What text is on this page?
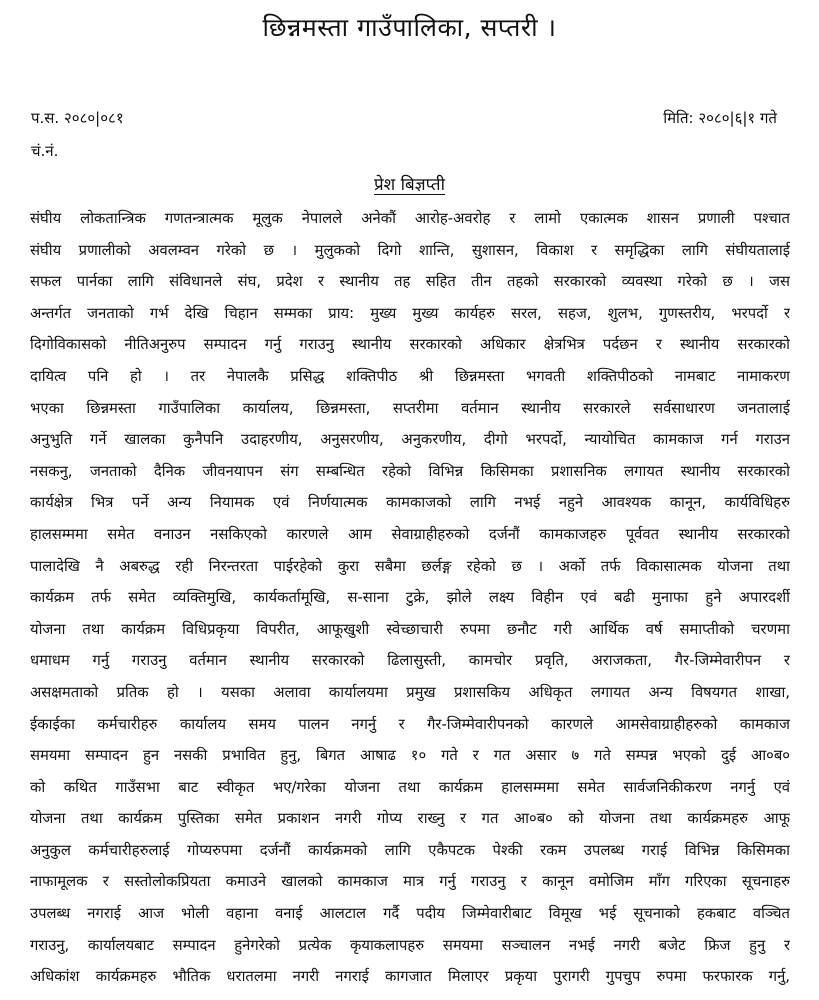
छिन्नमस्ता गाउँपालिका, सप्तरी ।
प.स. २०८०|०८१	मिति: २०८०|६|१ गते
चं.नं.
प्रेश बिज्ञप्ती
संघीय लोकतान्त्रिक गणतन्त्रात्मक मूलुक नेपालले अनेकौं आरोह-अवरोह र लामो एकात्मक शासन प्रणाली पश्चात
संघीय प्रणालीको अवलम्वन गरेको छ । मुलुकको दिगो शान्ति, सुशासन, विकाश र समृद्धिका लागि संघीयतालाई
सफल पार्नका लागि संविधानले संघ, प्रदेश र स्थानीय तह सहित तीन तहको सरकारको व्यवस्था गरेको छ । जस
अन्तर्गत जनताको गर्भ देखि चिहान सम्मका प्राय: मुख्य मुख्य कार्यहरु सरल, सहज, शुलभ, गुणस्तरीय, भरपर्दो र
दिगोविकासको नीतिअनुरुप सम्पादन गर्नु गराउनु स्थानीय सरकारको अधिकार क्षेत्रभित्र पर्दछन र स्थानीय सरकारको
दायित्व पनि हो । तर नेपालकै प्रसिद्ध शक्तिपीठ श्री छिन्नमस्ता भगवती शक्तिपीठको नामबाट नामाकरण
भएका छिन्नमस्ता गाउँपालिका कार्यालय, छिन्नमस्ता, सप्तरीमा वर्तमान स्थानीय सरकारले सर्वसाधारण जनतालाई
अनुभुति गर्ने खालका कुनैपनि उदाहरणीय, अनुसरणीय, अनुकरणीय, दीगो भरपर्दो, न्यायोचित कामकाज गर्न गराउन
नसकनु, जनताको दैनिक जीवनयापन संग सम्बन्धित रहेको विभिन्न किसिमका प्रशासनिक लगायत स्थानीय सरकारको
कार्यक्षेत्र भित्र पर्ने अन्य नियामक एवं निर्णयात्मक कामकाजको लागि नभई नहुने आवश्यक कानून, कार्यविधिहरु
हालसम्ममा समेत वनाउन नसकिएको कारणले आम सेवाग्राहीहरुको दर्जनौं कामकाजहरु पूर्ववत स्थानीय सरकारको
पालादेखि नै अबरुद्ध रही निरन्तरता पाईरहेको कुरा सबैमा छर्लङ्ग रहेको छ । अर्को तर्फ विकासात्मक योजना तथा
कार्यक्रम तर्फ समेत व्यक्तिमुखि, कार्यकर्तामूखि, स-साना टुक्रे, झोले लक्ष्य विहीन एवं बढी मुनाफा हुने अपारदर्शी
योजना तथा कार्यक्रम विधिप्रकृया विपरीत, आफूखुशी स्वेच्छाचारी रुपमा छनौट गरी आर्थिक वर्ष समाप्तीको चरणमा
धमाधम गर्नु गराउनु वर्तमान स्थानीय सरकारको ढिलासुस्ती, कामचोर प्रवृति, अराजकता, गैर-जिम्मेवारीपन र
असक्षमताको प्रतिक हो । यसका अलावा कार्यालयमा प्रमुख प्रशासकिय अधिकृत लगायत अन्य विषयगत शाखा,
ईकाईका कर्मचारीहरु कार्यालय समय पालन नगर्नु र गैर-जिम्मेवारीपनको कारणले आमसेवाग्राहीहरुको कामकाज
समयमा सम्पादन हुन नसकी प्रभावित हुनु, बिगत आषाढ १० गते र गत असार ७ गते सम्पन्न भएको दुई आ०ब०
को कथित गाउँसभा बाट स्वीकृत भए/गरेका योजना तथा कार्यक्रम हालसम्ममा समेत सार्वजनिकीकरण नगर्नु एवं
योजना तथा कार्यक्रम पुस्तिका समेत प्रकाशन नगरी गोप्य राख्नु र गत आ०ब० को योजना तथा कार्यक्रमहरु आफू
अनुकुल कर्मचारीहरुलाई गोप्यरुपमा दर्जनौं कार्यक्रमको लागि एकैपटक पेश्की रकम उपलब्ध गराई विभिन्न किसिमका
नाफामूलक र सस्तोलोकप्रियता कमाउने खालको कामकाज मात्र गर्नु गराउनु र कानून वमोजिम माँग गरिएका सूचनाहरु
उपलब्ध नगराई आज भोली वहाना वनाई आलटाल गर्दै पदीय जिम्मेवारीबाट विमूख भई सूचनाको हकबाट वञ्चित
गराउनु, कार्यालयबाट सम्पादन हुनेगरेको प्रत्येक कृयाकलापहरु समयमा सञ्चालन नभई नगरी बजेट फ्रिज हुनु र
अधिकांश कार्यक्रमहरु भौतिक धरातलमा नगरी नगराई कागजात मिलाएर प्रकृया पुरागरी गुपचुप रुपमा फरफारक गर्नु,
